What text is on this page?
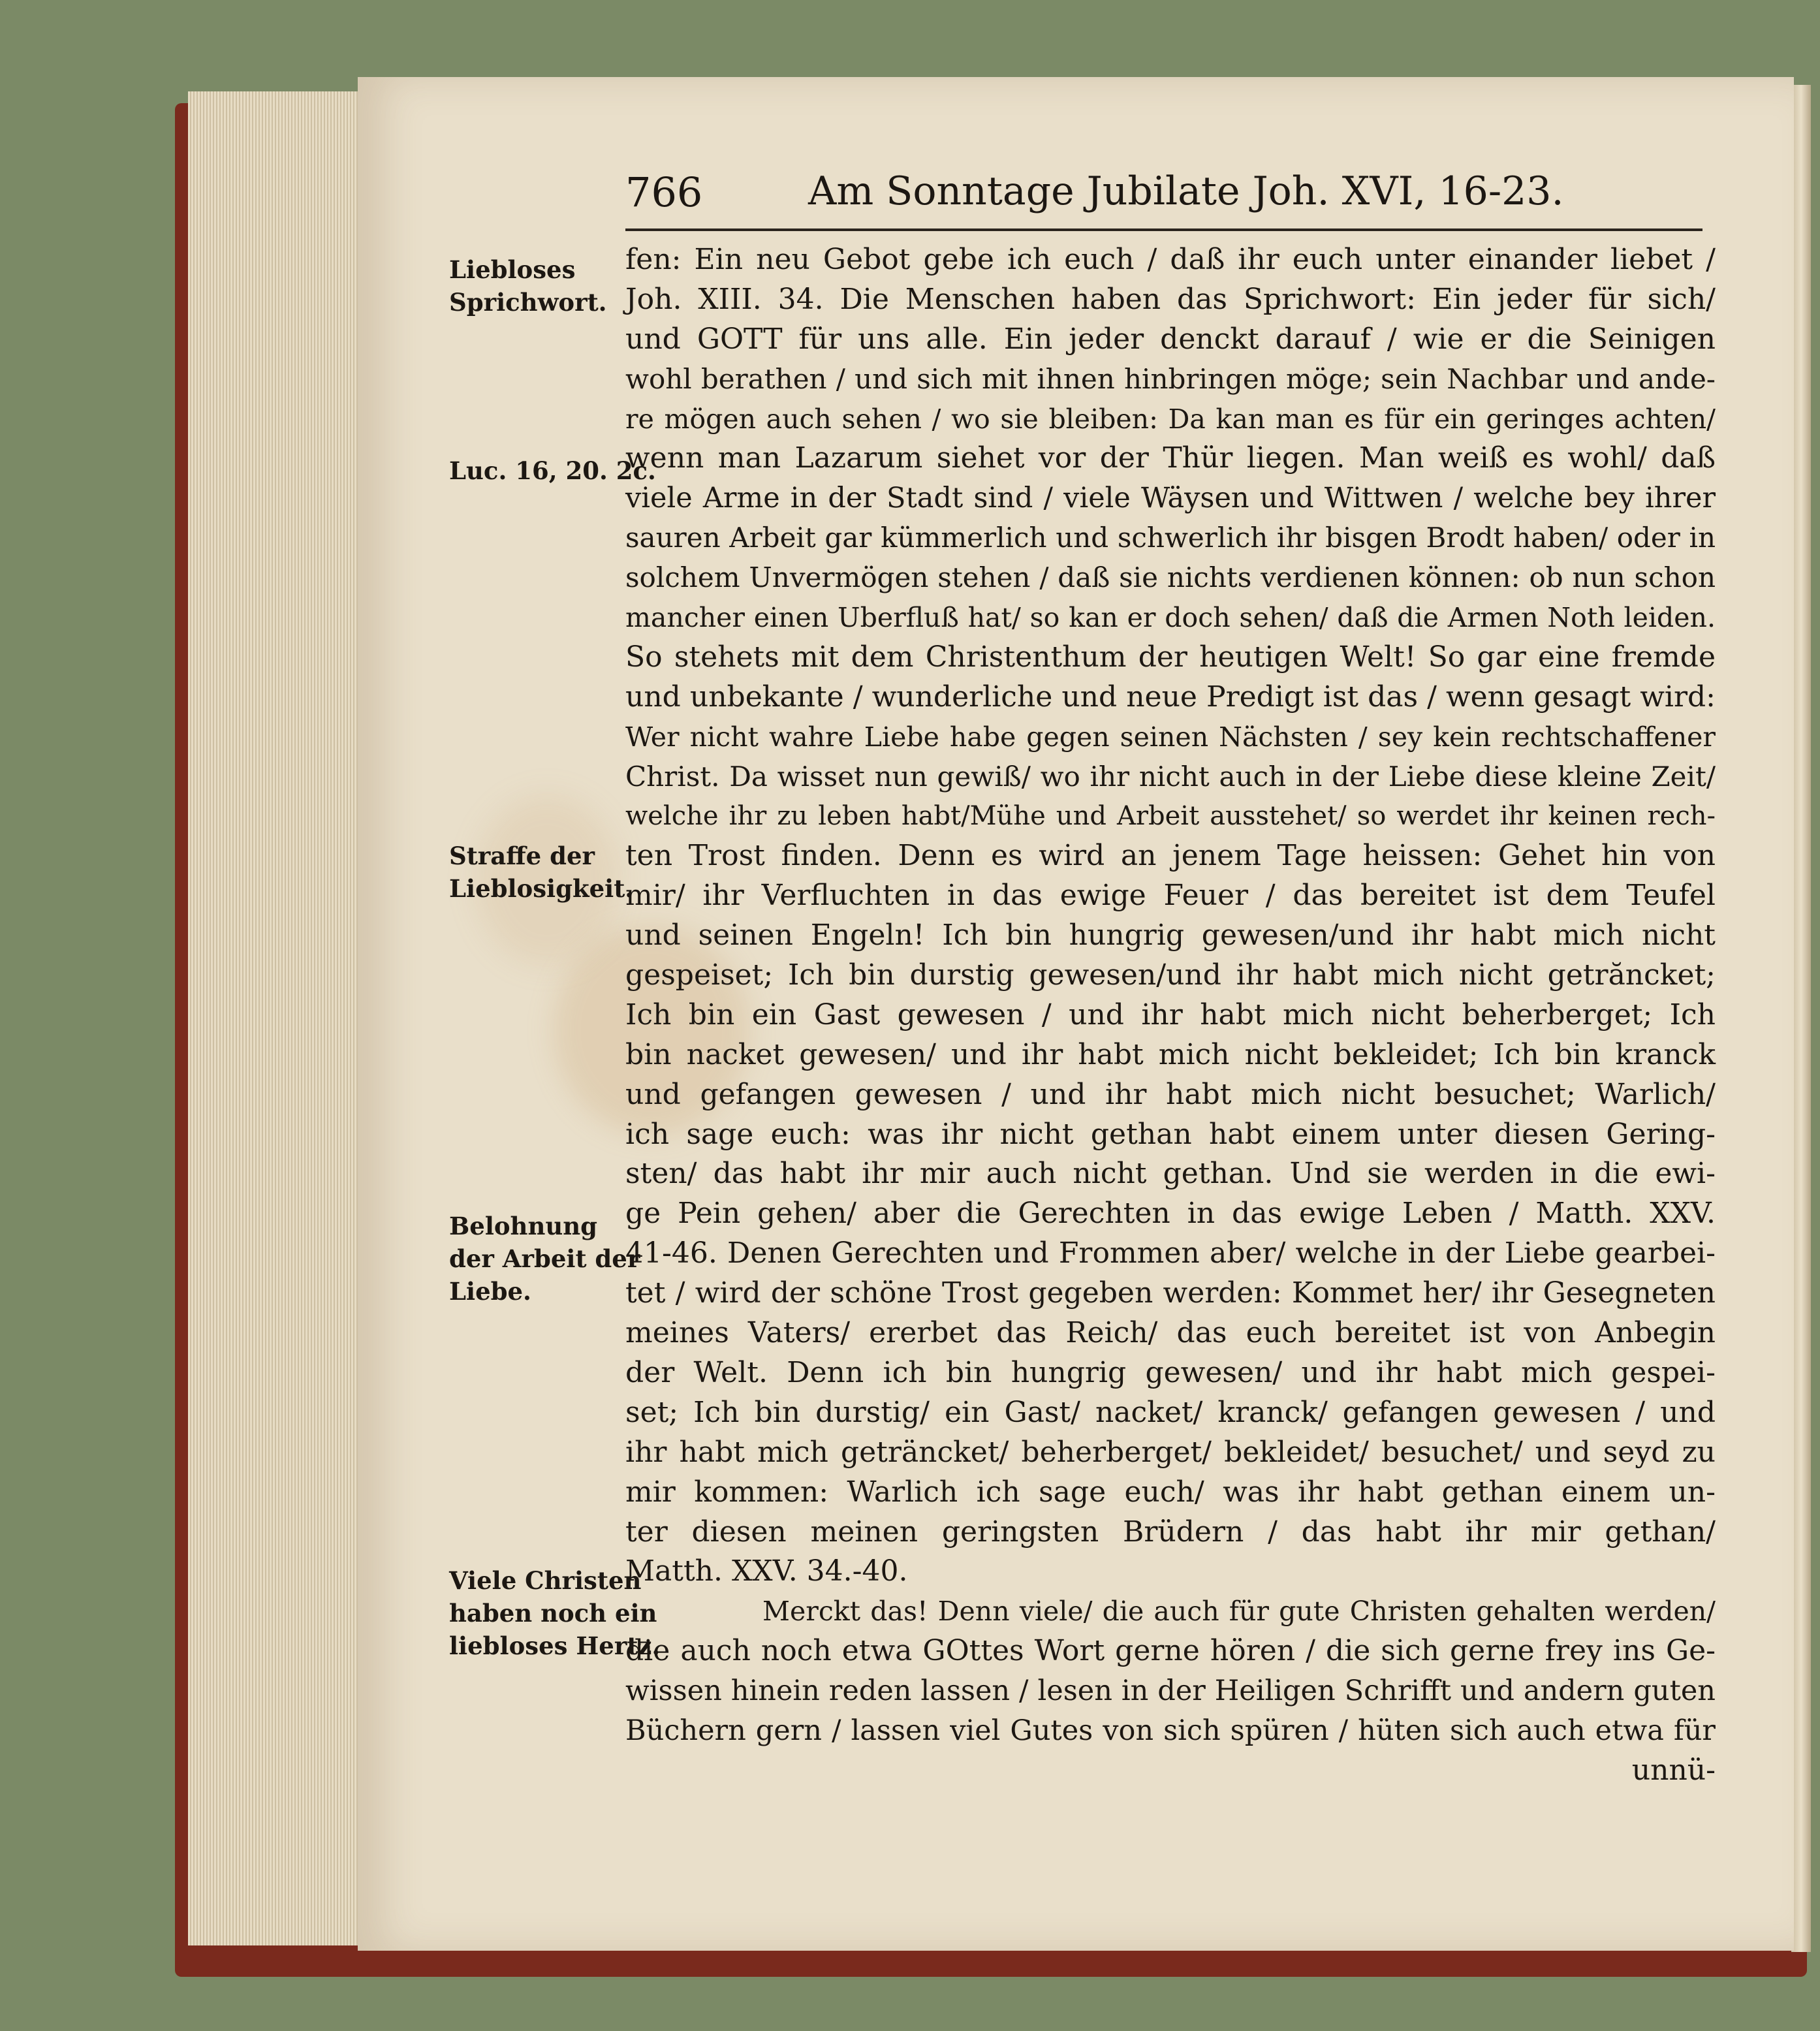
766	Am Sonntage Jubilate Joh. XVI, 16-23.
Liebloses
Sprichwort.
Luc. 16, 20. 2c.
Straffe der
Lieblosigkeit.
Belohnung
der Arbeit der
Liebe.
Viele Christen
haben noch ein
liebloses Hertz.
fen: Ein neu Gebot gebe ich euch / daß ihr euch unter einander liebet /
Joh. XIII. 34. Die Menschen haben das Sprichwort: Ein jeder für sich/
und GOTT für uns alle. Ein jeder denckt darauf / wie er die Seinigen
wohl berathen / und sich mit ihnen hinbringen möge; sein Nachbar und ande-
re mögen auch sehen / wo sie bleiben: Da kan man es für ein geringes achten/
wenn man Lazarum siehet vor der Thür liegen. Man weiß es wohl/ daß
viele Arme in der Stadt sind / viele Wäysen und Wittwen / welche bey ihrer
sauren Arbeit gar kümmerlich und schwerlich ihr bisgen Brodt haben/ oder in
solchem Unvermögen stehen / daß sie nichts verdienen können: ob nun schon
mancher einen Uberfluß hat/ so kan er doch sehen/ daß die Armen Noth leiden.
So stehets mit dem Christenthum der heutigen Welt! So gar eine fremde
und unbekante / wunderliche und neue Predigt ist das / wenn gesagt wird:
Wer nicht wahre Liebe habe gegen seinen Nächsten / sey kein rechtschaffener
Christ. Da wisset nun gewiß/ wo ihr nicht auch in der Liebe diese kleine Zeit/
welche ihr zu leben habt/Mühe und Arbeit ausstehet/ so werdet ihr keinen rech-
ten Trost finden. Denn es wird an jenem Tage heissen: Gehet hin von
mir/ ihr Verfluchten in das ewige Feuer / das bereitet ist dem Teufel
und seinen Engeln! Ich bin hungrig gewesen/und ihr habt mich nicht
gespeiset; Ich bin durstig gewesen/und ihr habt mich nicht getrăncket;
Ich bin ein Gast gewesen / und ihr habt mich nicht beherberget; Ich
bin nacket gewesen/ und ihr habt mich nicht bekleidet; Ich bin kranck
und gefangen gewesen / und ihr habt mich nicht besuchet; Warlich/
ich sage euch: was ihr nicht gethan habt einem unter diesen Gering-
sten/ das habt ihr mir auch nicht gethan. Und sie werden in die ewi-
ge Pein gehen/ aber die Gerechten in das ewige Leben / Matth. XXV.
41-46. Denen Gerechten und Frommen aber/ welche in der Liebe gearbei-
tet / wird der schöne Trost gegeben werden: Kommet her/ ihr Gesegneten
meines Vaters/ ererbet das Reich/ das euch bereitet ist von Anbegin
der Welt. Denn ich bin hungrig gewesen/ und ihr habt mich gespei-
set; Ich bin durstig/ ein Gast/ nacket/ kranck/ gefangen gewesen / und
ihr habt mich geträncket/ beherberget/ bekleidet/ besuchet/ und seyd zu
mir kommen: Warlich ich sage euch/ was ihr habt gethan einem un-
ter diesen meinen geringsten Brüdern / das habt ihr mir gethan/
Matth. XXV. 34.-40.
Merckt das! Denn viele/ die auch für gute Christen gehalten werden/
die auch noch etwa GOttes Wort gerne hören / die sich gerne frey ins Ge-
wissen hinein reden lassen / lesen in der Heiligen Schrifft und andern guten
Büchern gern / lassen viel Gutes von sich spüren / hüten sich auch etwa für
unnü-
